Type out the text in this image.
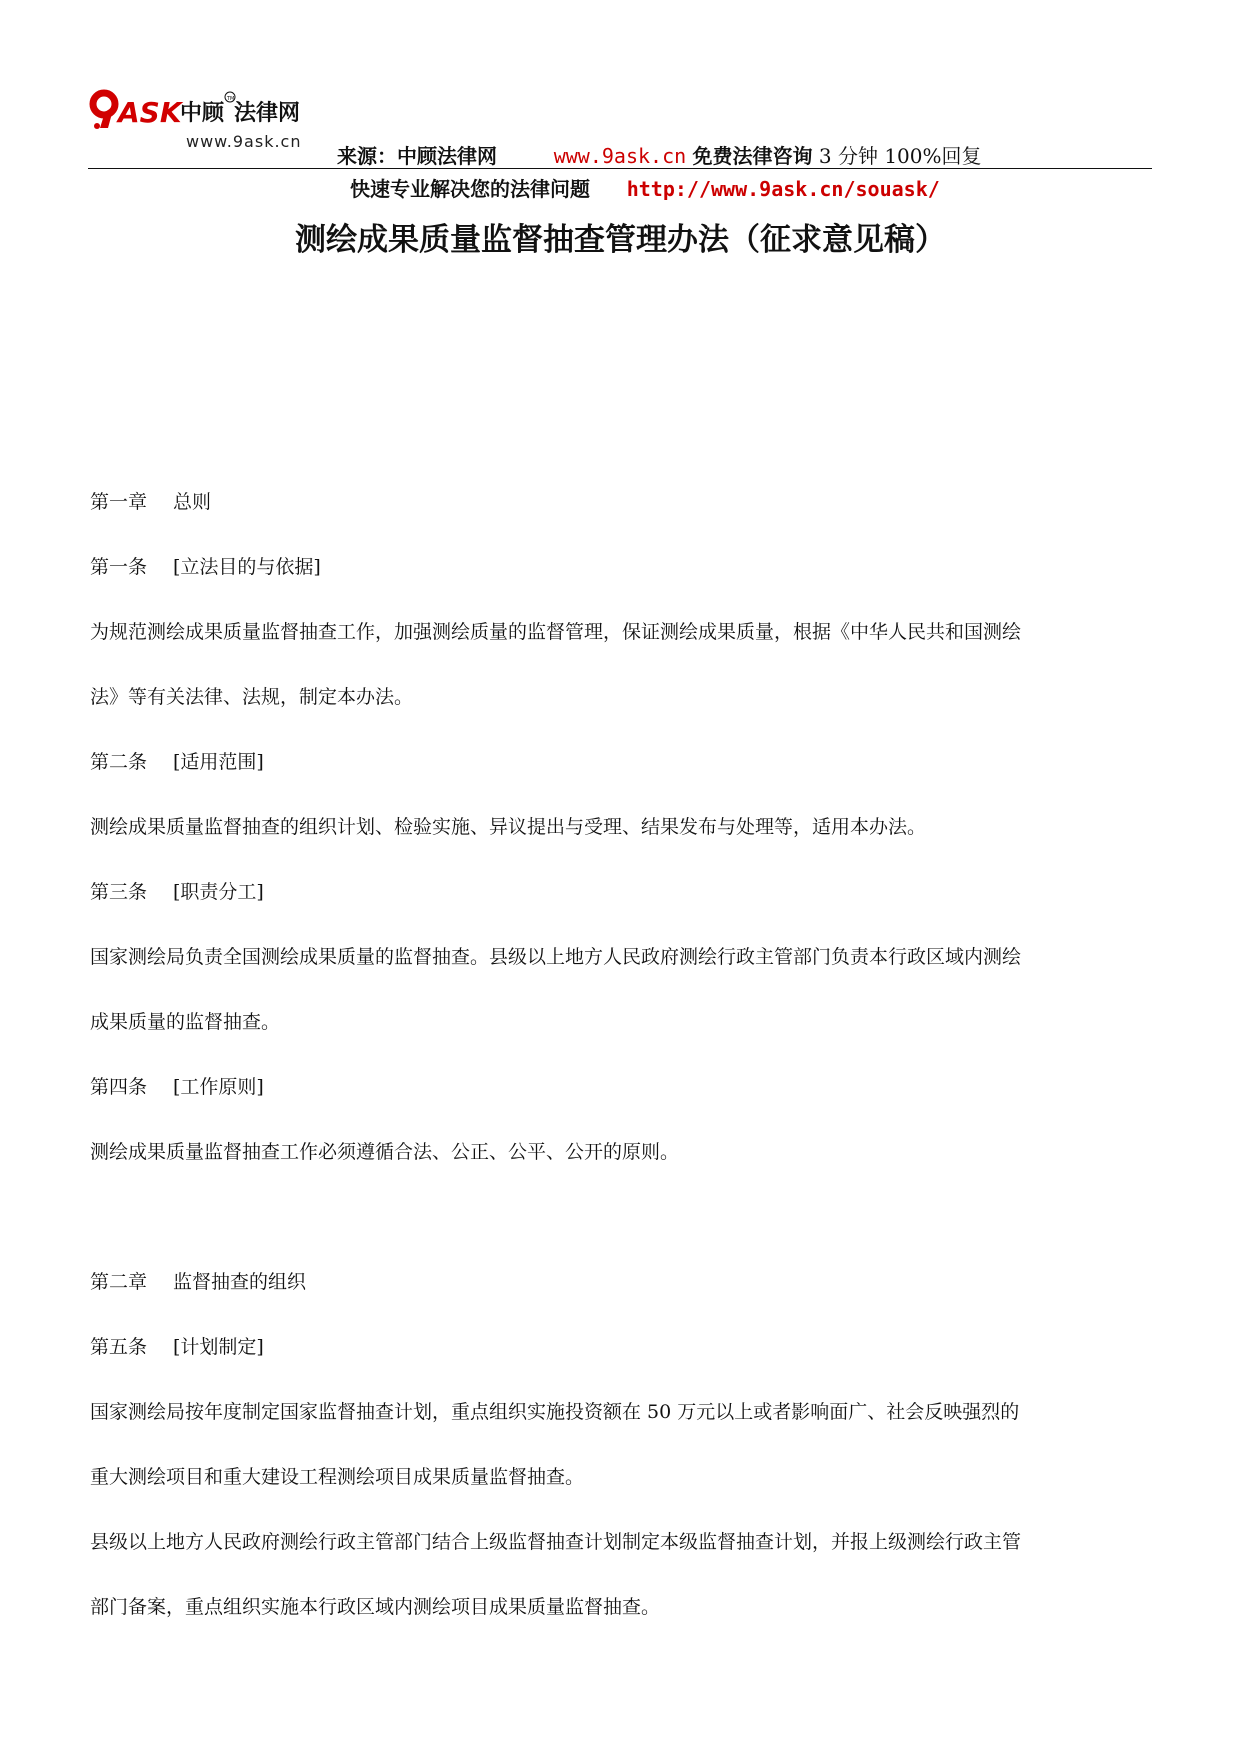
ASK
中顾 法律网
TM

www.9ask.cn

来源：中顾法律网	www.9ask.cn 免费法律咨询 3 分钟 100%回复

快速专业解决您的法律问题 http://www.9ask.cn/souask/

测绘成果质量监督抽查管理办法（征求意见稿）

第一章 总则

第一条 [立法目的与依据]

为规范测绘成果质量监督抽查工作，加强测绘质量的监督管理，保证测绘成果质量，根据《中华人民共和国测绘

法》等有关法律、法规，制定本办法。

第二条 [适用范围]

测绘成果质量监督抽查的组织计划、检验实施、异议提出与受理、结果发布与处理等，适用本办法。

第三条 [职责分工]

国家测绘局负责全国测绘成果质量的监督抽查。县级以上地方人民政府测绘行政主管部门负责本行政区域内测绘

成果质量的监督抽查。

第四条 [工作原则]

测绘成果质量监督抽查工作必须遵循合法、公正、公平、公开的原则。

第二章 监督抽查的组织

第五条 [计划制定]

国家测绘局按年度制定国家监督抽查计划，重点组织实施投资额在 50 万元以上或者影响面广、社会反映强烈的

重大测绘项目和重大建设工程测绘项目成果质量监督抽查。

县级以上地方人民政府测绘行政主管部门结合上级监督抽查计划制定本级监督抽查计划，并报上级测绘行政主管

部门备案，重点组织实施本行政区域内测绘项目成果质量监督抽查。
